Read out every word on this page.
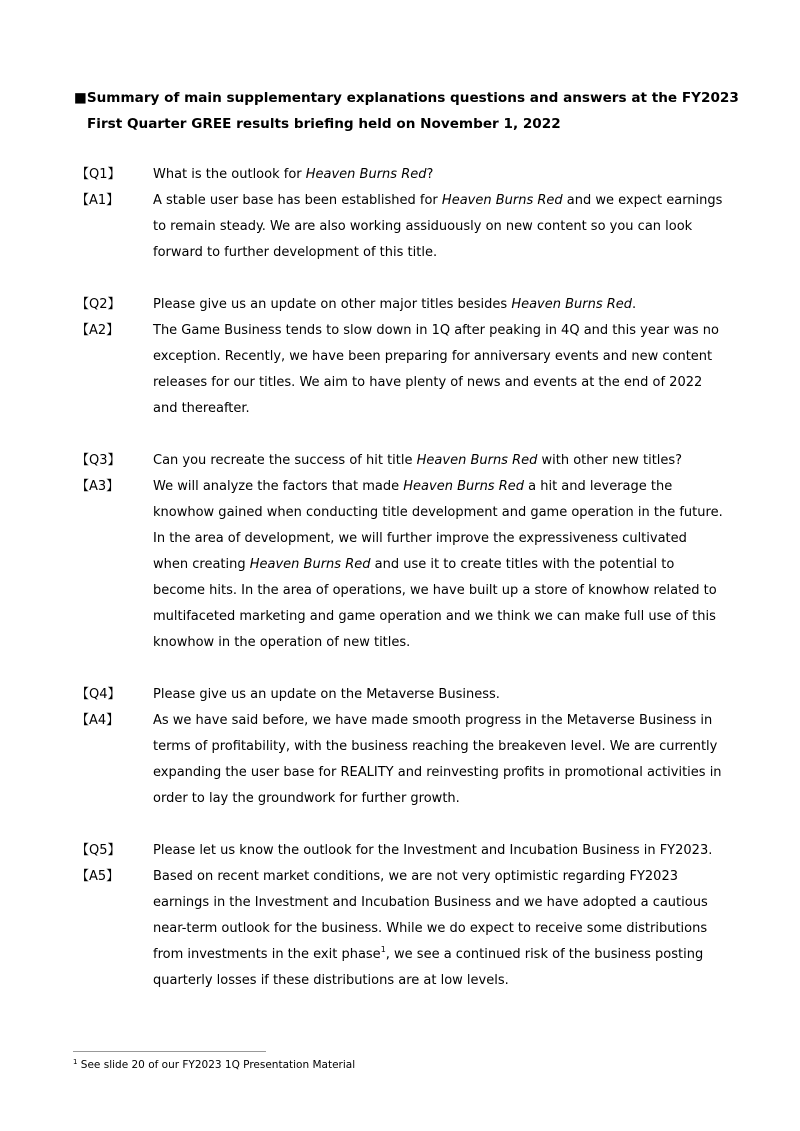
■Summary of main supplementary explanations questions and answers at the FY2023
First Quarter GREE results briefing held on November 1, 2022
【Q1】 What is the outlook for Heaven Burns Red?
【A1】	A stable user base has been established for Heaven Burns Red and we expect earnings
to remain steady. We are also working assiduously on new content so you can look
forward to further development of this title.
【Q2】 Please give us an update on other major titles besides Heaven Burns Red.
【A2】	The Game Business tends to slow down in 1Q after peaking in 4Q and this year was no
exception. Recently, we have been preparing for anniversary events and new content
releases for our titles. We aim to have plenty of news and events at the end of 2022
and thereafter.
【Q3】 Can you recreate the success of hit title Heaven Burns Red with other new titles?
【A3】	We will analyze the factors that made Heaven Burns Red a hit and leverage the
knowhow gained when conducting title development and game operation in the future.
In the area of development, we will further improve the expressiveness cultivated
when creating Heaven Burns Red and use it to create titles with the potential to
become hits. In the area of operations, we have built up a store of knowhow related to
multifaceted marketing and game operation and we think we can make full use of this
knowhow in the operation of new titles.
【Q4】 Please give us an update on the Metaverse Business.
【A4】	As we have said before, we have made smooth progress in the Metaverse Business in
terms of profitability, with the business reaching the breakeven level. We are currently
expanding the user base for REALITY and reinvesting profits in promotional activities in
order to lay the groundwork for further growth.
【Q5】 Please let us know the outlook for the Investment and Incubation Business in FY2023.
【A5】	Based on recent market conditions, we are not very optimistic regarding FY2023
earnings in the Investment and Incubation Business and we have adopted a cautious
near-term outlook for the business. While we do expect to receive some distributions
from investments in the exit phase$^1$, we see a continued risk of the business posting
quarterly losses if these distributions are at low levels.
$^1$ See slide 20 of our FY2023 1Q Presentation Material
